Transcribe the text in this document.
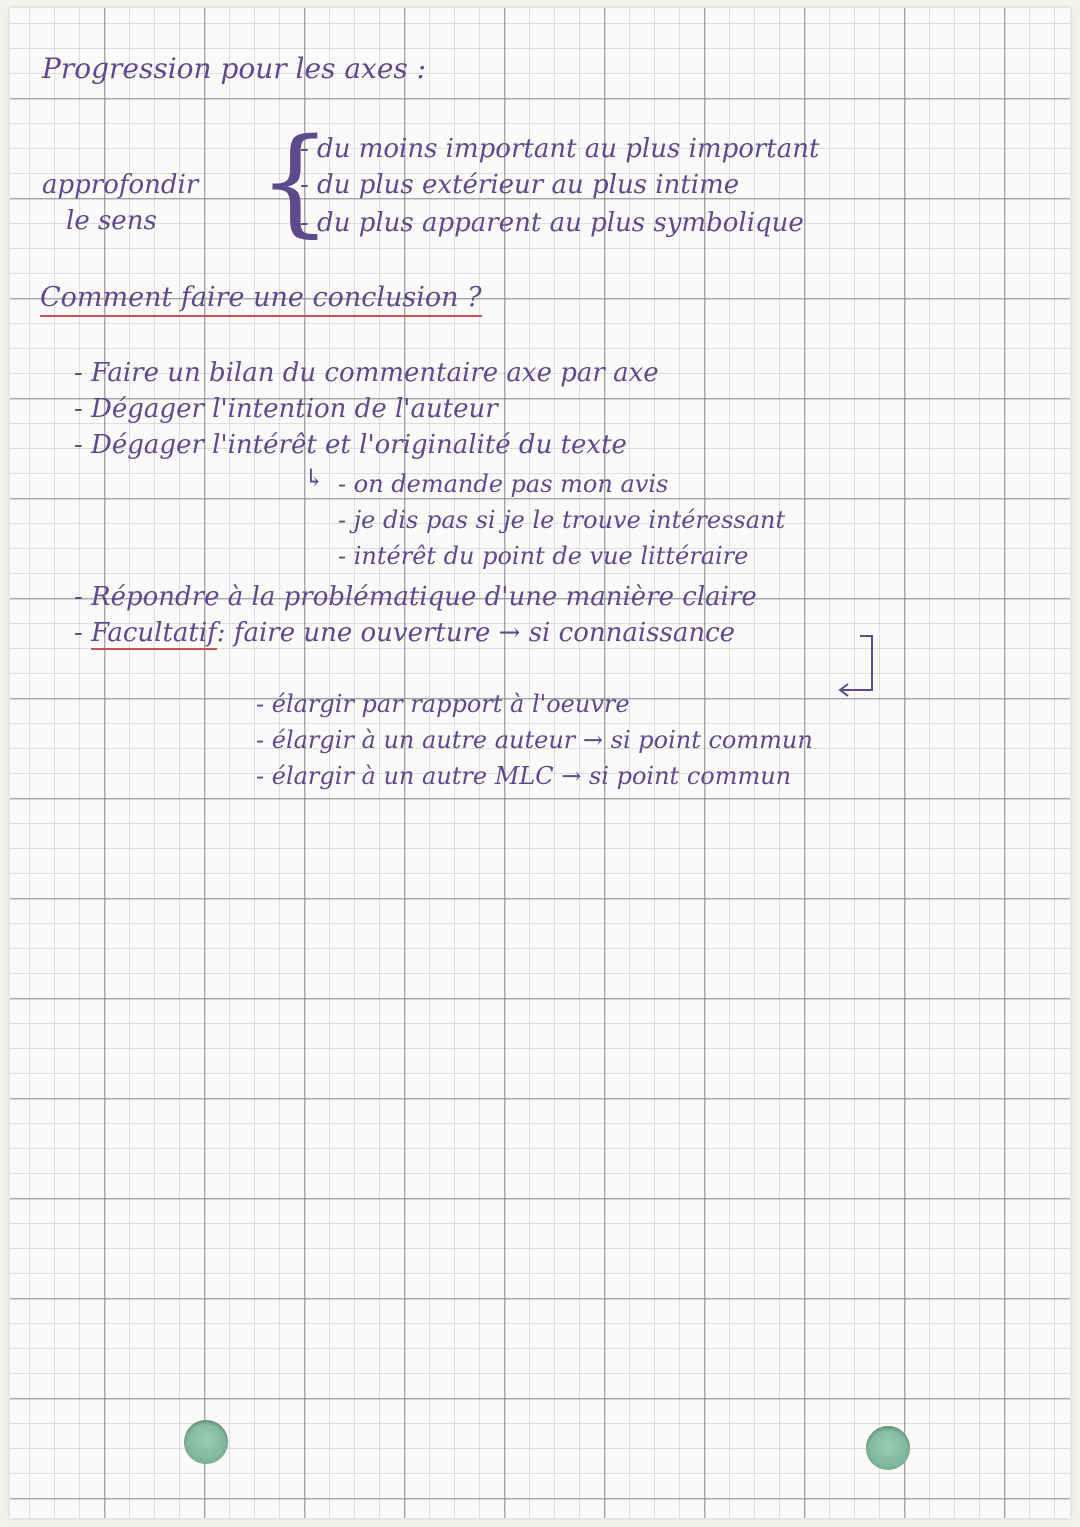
Progression pour les axes :
approfondir
le sens {
- du moins important au plus important
- du plus extérieur au plus intime
- du plus apparent au plus symbolique
Comment faire une conclusion ?
- Faire un bilan du commentaire axe par axe
- Dégager l'intention de l'auteur
- Dégager l'intérêt et l'originalité du texte
↳ - on demande pas mon avis
- je dis pas si je le trouve intéressant
- intérêt du point de vue littéraire
- Répondre à la problématique d'une manière claire
- Facultatif: faire une ouverture → si connaissance
- élargir par rapport à l'oeuvre
- élargir à un autre auteur → si point commun
- élargir à un autre MLC → si point commun
